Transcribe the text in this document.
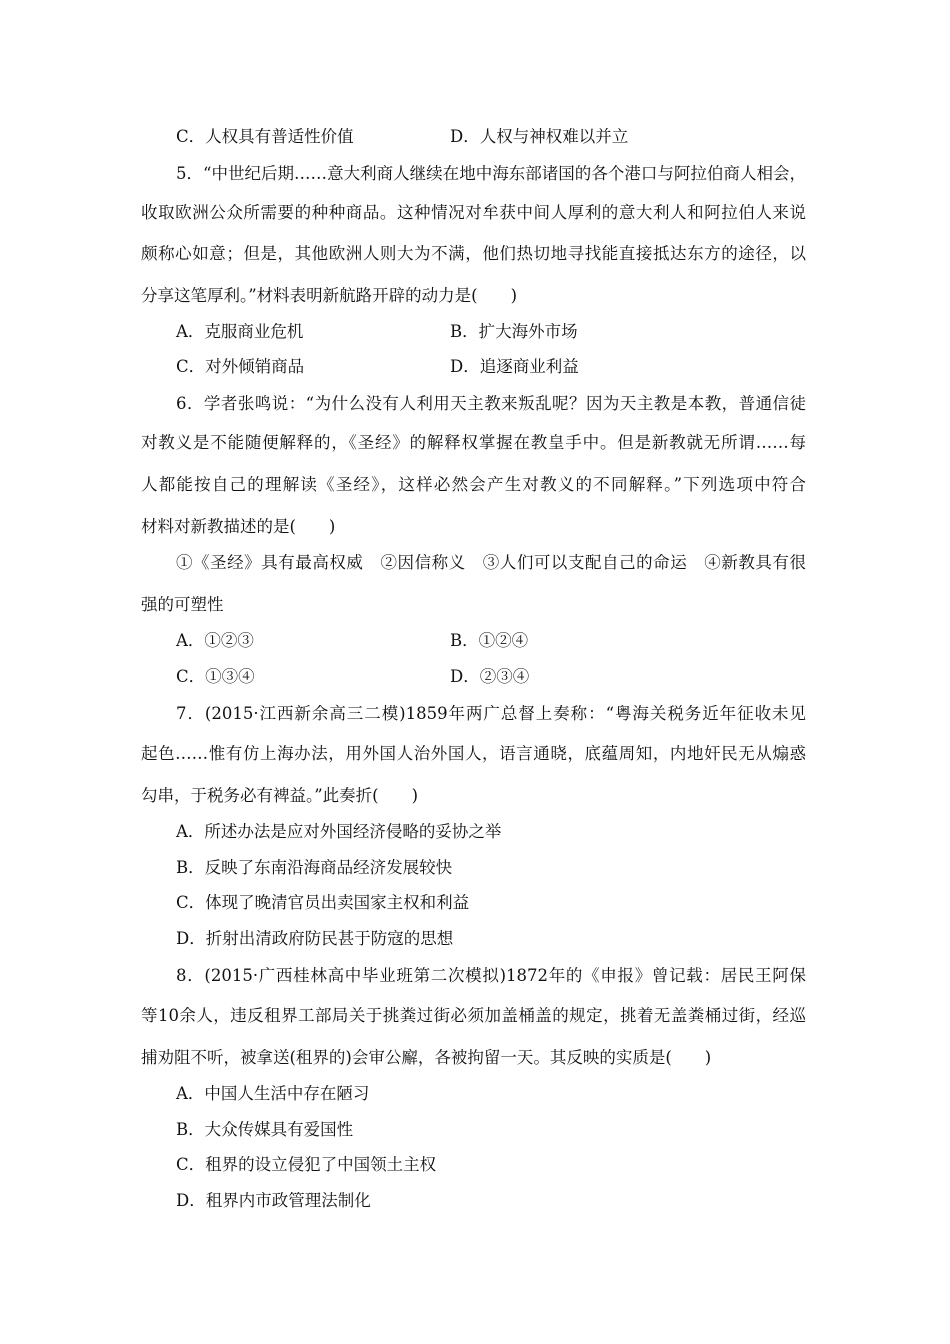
C．人权具有普适性价值	D．人权与神权难以并立
5．“中世纪后期……意大利商人继续在地中海东部诸国的各个港口与阿拉伯商人相会，
收取欧洲公众所需要的种种商品。这种情况对牟获中间人厚利的意大利人和阿拉伯人来说
颇称心如意；但是，其他欧洲人则大为不满，他们热切地寻找能直接抵达东方的途径，以
分享这笔厚利。”材料表明新航路开辟的动力是(　　)
A．克服商业危机	B．扩大海外市场
C．对外倾销商品	D．追逐商业利益
6．学者张鸣说：“为什么没有人利用天主教来叛乱呢？因为天主教是本教，普通信徒
对教义是不能随便解释的，《圣经》的解释权掌握在教皇手中。但是新教就无所谓……每
人都能按自己的理解读《圣经》，这样必然会产生对教义的不同解释。”下列选项中符合
材料对新教描述的是(　　)
①《圣经》具有最高权威　②因信称义　③人们可以支配自己的命运　④新教具有很
强的可塑性
A．①②③	B．①②④
C．①③④	D．②③④
7．(2015·江西新余高三二模)1859年两广总督上奏称：“粤海关税务近年征收未见
起色……惟有仿上海办法，用外国人治外国人，语言通晓，底蕴周知，内地奸民无从煽惑
勾串，于税务必有裨益。”此奏折(　　)
A．所述办法是应对外国经济侵略的妥协之举
B．反映了东南沿海商品经济发展较快
C．体现了晚清官员出卖国家主权和利益
D．折射出清政府防民甚于防寇的思想
8．(2015·广西桂林高中毕业班第二次模拟)1872年的《申报》曾记载：居民王阿保
等10余人，违反租界工部局关于挑粪过街必须加盖桶盖的规定，挑着无盖粪桶过街，经巡
捕劝阻不听，被拿送(租界的)会审公廨，各被拘留一天。其反映的实质是(　　)
A．中国人生活中存在陋习
B．大众传媒具有爱国性
C．租界的设立侵犯了中国领土主权
D．租界内市政管理法制化
